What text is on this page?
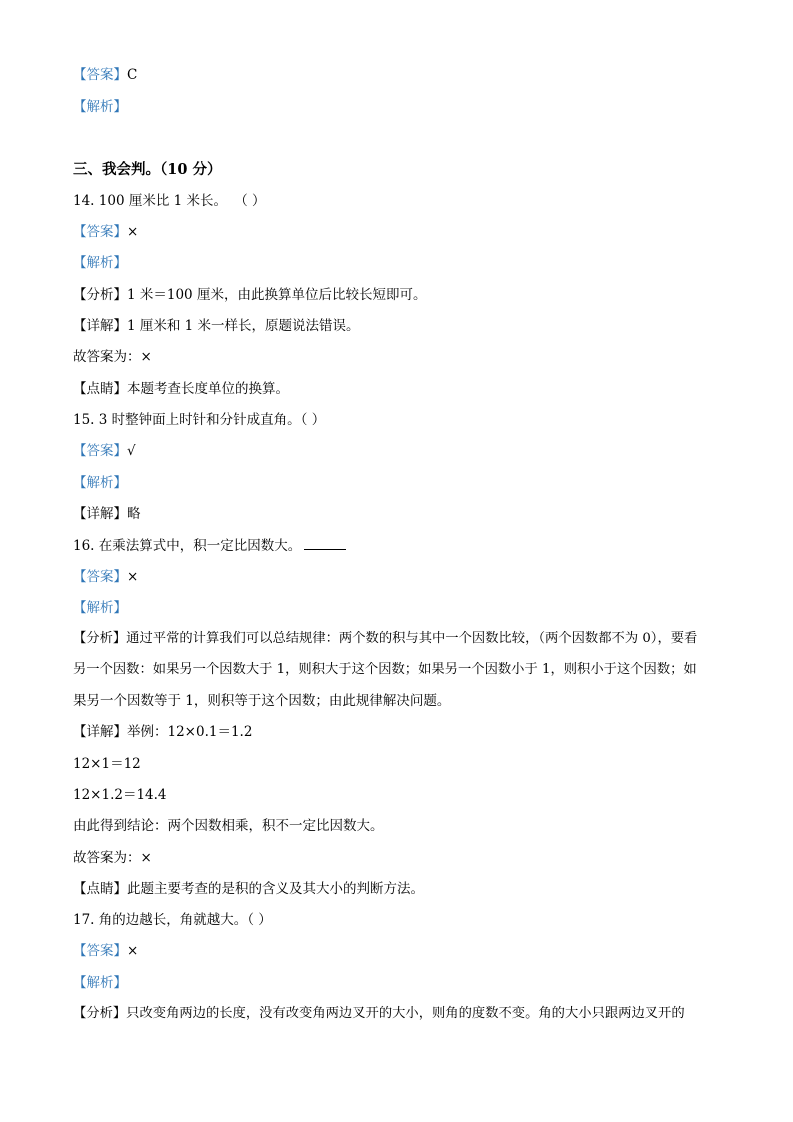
【答案】C
【解析】
三、我会判。（10 分）
14. 100 厘米比 1 米长。 （ ）
【答案】×
【解析】
【分析】1 米＝100 厘米，由此换算单位后比较长短即可。
【详解】1 厘米和 1 米一样长，原题说法错误。
故答案为：×
【点睛】本题考查长度单位的换算。
15. 3 时整钟面上时针和分针成直角。（ ）
【答案】√
【解析】
【详解】略
16. 在乘法算式中，积一定比因数大。
【答案】×
【解析】
【分析】通过平常的计算我们可以总结规律：两个数的积与其中一个因数比较，（两个因数都不为 0），要看
另一个因数：如果另一个因数大于 1，则积大于这个因数；如果另一个因数小于 1，则积小于这个因数；如
果另一个因数等于 1，则积等于这个因数；由此规律解决问题。
【详解】举例：12×0.1＝1.2
12×1＝12
12×1.2＝14.4
由此得到结论：两个因数相乘，积不一定比因数大。
故答案为：×
【点睛】此题主要考查的是积的含义及其大小的判断方法。
17. 角的边越长，角就越大。（ ）
【答案】×
【解析】
【分析】只改变角两边的长度，没有改变角两边叉开的大小，则角的度数不变。角的大小只跟两边叉开的
